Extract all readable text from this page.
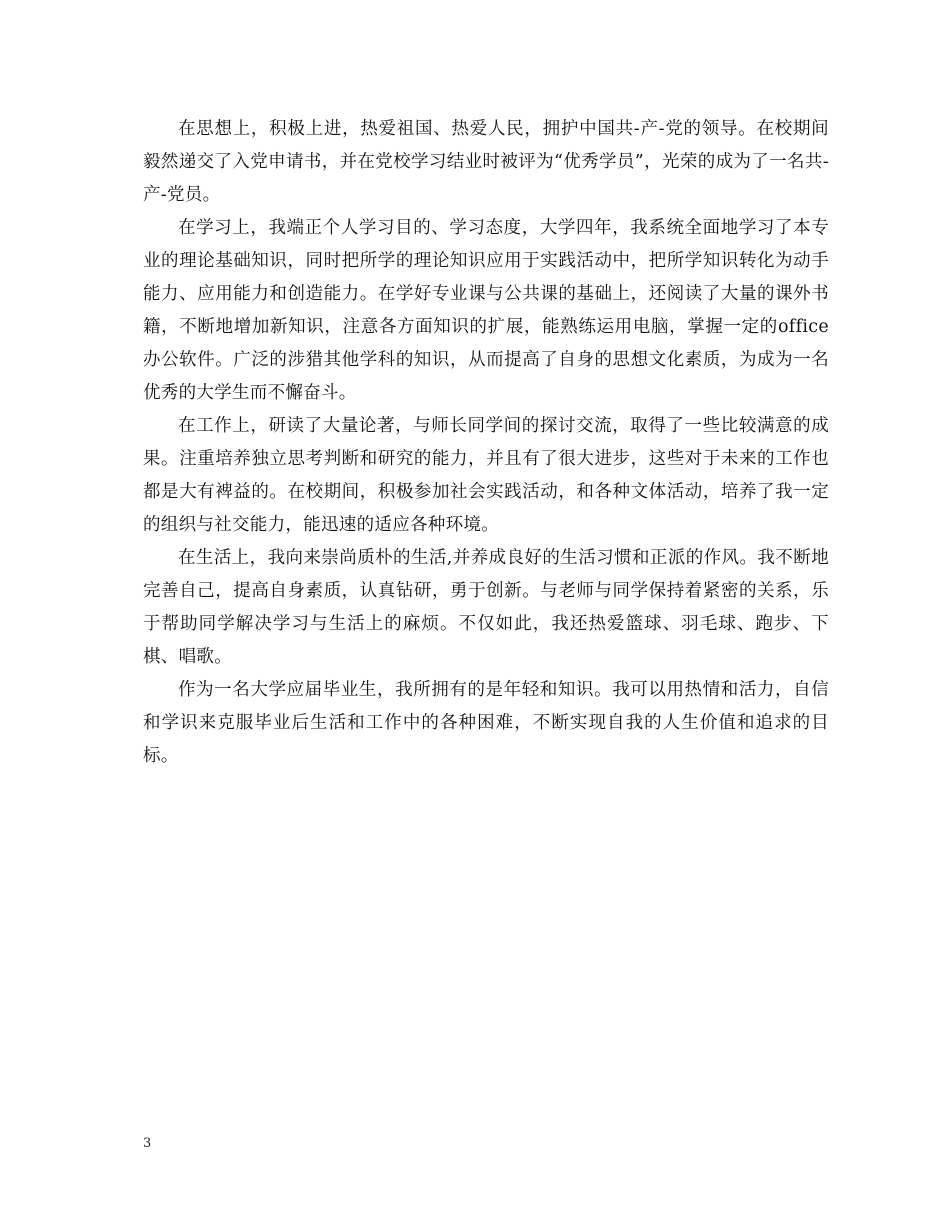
在思想上，积极上进，热爱祖国、热爱人民，拥护中国共-产-党的领导。在校期间毅然递交了入党申请书，并在党校学习结业时被评为“优秀学员”，光荣的成为了一名共-产-党员。

在学习上，我端正个人学习目的、学习态度，大学四年，我系统全面地学习了本专业的理论基础知识，同时把所学的理论知识应用于实践活动中，把所学知识转化为动手能力、应用能力和创造能力。在学好专业课与公共课的基础上，还阅读了大量的课外书籍，不断地增加新知识，注意各方面知识的扩展，能熟练运用电脑，掌握一定的office办公软件。广泛的涉猎其他学科的知识，从而提高了自身的思想文化素质，为成为一名优秀的大学生而不懈奋斗。

在工作上，研读了大量论著，与师长同学间的探讨交流，取得了一些比较满意的成果。注重培养独立思考判断和研究的能力，并且有了很大进步，这些对于未来的工作也都是大有裨益的。在校期间，积极参加社会实践活动，和各种文体活动，培养了我一定的组织与社交能力，能迅速的适应各种环境。

在生活上，我向来崇尚质朴的生活,并养成良好的生活习惯和正派的作风。我不断地完善自己，提高自身素质，认真钻研，勇于创新。与老师与同学保持着紧密的关系，乐于帮助同学解决学习与生活上的麻烦。不仅如此，我还热爱篮球、羽毛球、跑步、下棋、唱歌。

作为一名大学应届毕业生，我所拥有的是年轻和知识。我可以用热情和活力，自信和学识来克服毕业后生活和工作中的各种困难，不断实现自我的人生价值和追求的目标。

3
